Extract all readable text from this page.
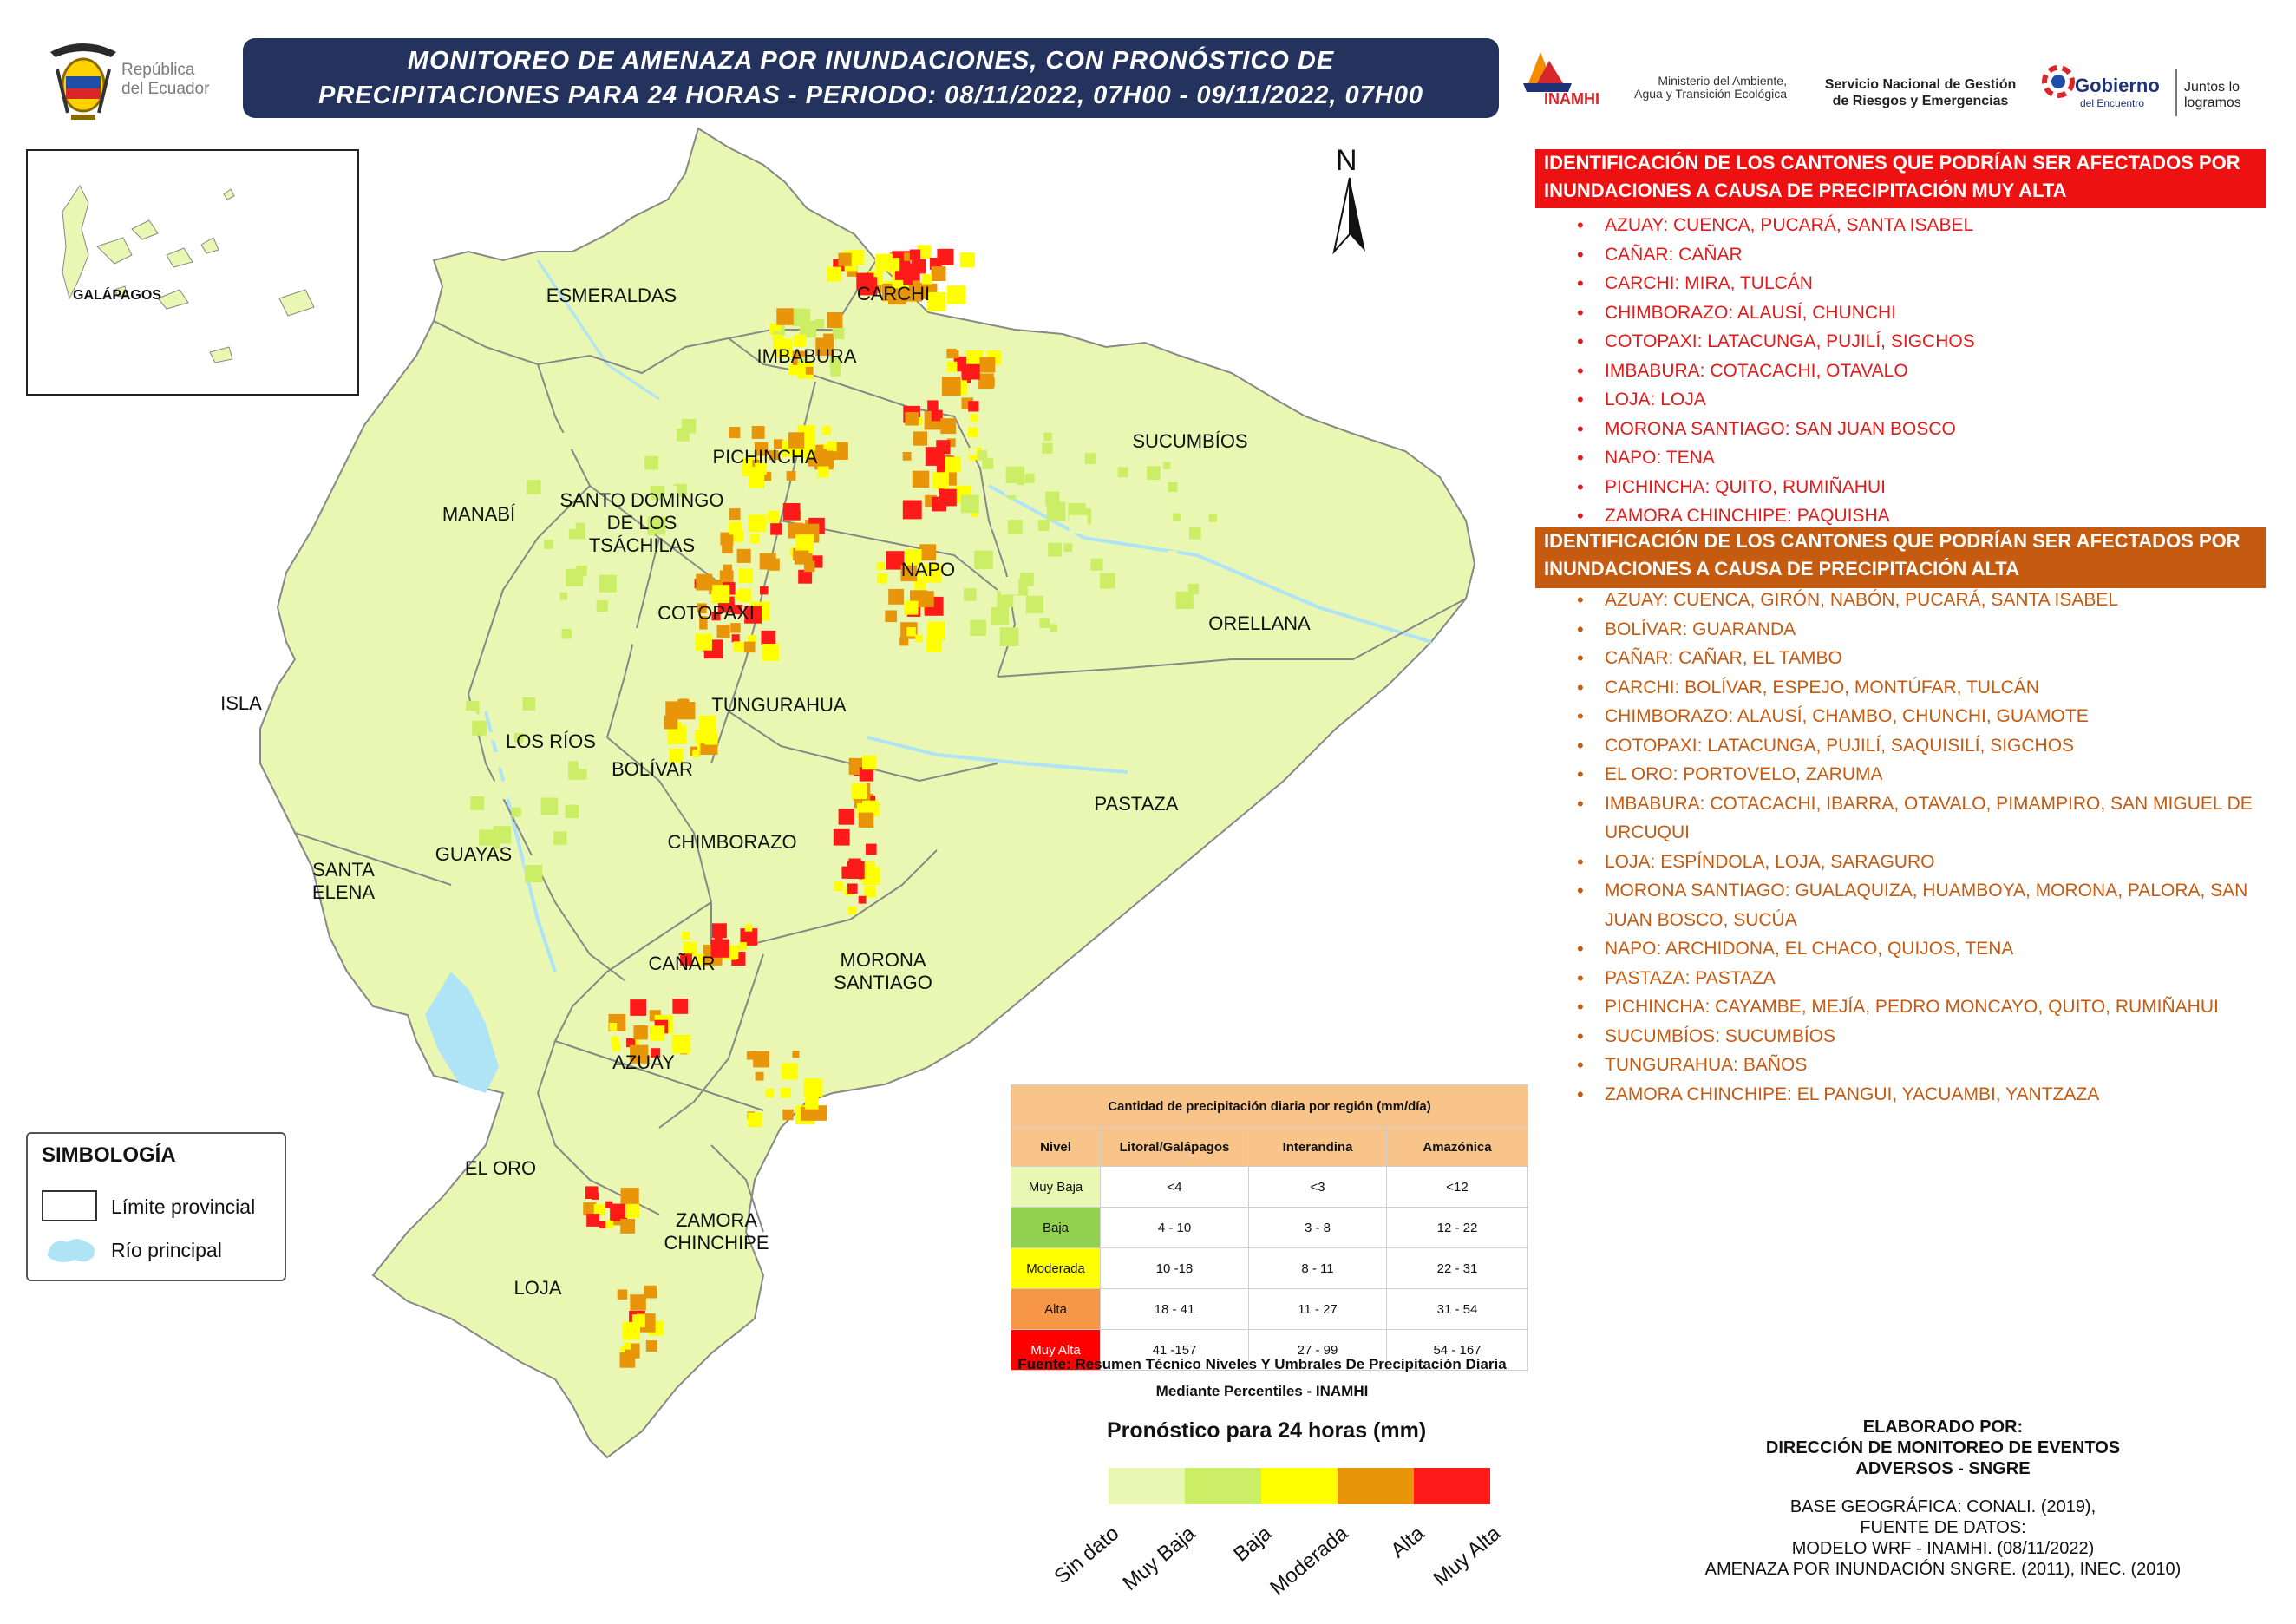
República
del Ecuador
MONITOREO DE AMENAZA POR INUNDACIONES, CON PRONÓSTICO DE
PRECIPITACIONES PARA 24 HORAS - PERIODO: 08/11/2022, 07H00 - 09/11/2022, 07H00	INAMHI
Ministerio del Ambiente, Agua y Transición Ecológica
Servicio Nacional de Gestión de Riesgos y Emergencias
Gobierno
del Encuentro
Juntos lo logramos
ESMERALDAS	CARCHI
IMBABURA
SUCUMBÍOS
PICHINCHA
MANABÍ
SANTO DOMINGO
DE LOS
TSÁCHILAS
NAPO
COTOPAXI	ORELLANA
ISLA	TUNGURAHUA
LOS RÍOS
BOLÍVAR
PASTAZA
CHIMBORAZO
SANTA
ELENA
GUAYAS
CAÑAR	MORONA
SANTIAGO
AZUAY
EL ORO
ZAMORA
CHINCHIPE
LOJA
N
GALÁPAGOS
SIMBOLOGÍA
Límite provincial
Río principal
IDENTIFICACIÓN DE LOS CANTONES QUE PODRÍAN SER AFECTADOS POR INUNDACIONES A CAUSA DE PRECIPITACIÓN MUY ALTA
• AZUAY: CUENCA, PUCARÁ, SANTA ISABEL
• CAÑAR: CAÑAR
• CARCHI: MIRA, TULCÁN
• CHIMBORAZO: ALAUSÍ, CHUNCHI
• COTOPAXI: LATACUNGA, PUJILÍ, SIGCHOS
• IMBABURA: COTACACHI, OTAVALO
• LOJA: LOJA
• MORONA SANTIAGO: SAN JUAN BOSCO
• NAPO: TENA
• PICHINCHA: QUITO, RUMIÑAHUI
• ZAMORA CHINCHIPE: PAQUISHA
IDENTIFICACIÓN DE LOS CANTONES QUE PODRÍAN SER AFECTADOS POR INUNDACIONES A CAUSA DE PRECIPITACIÓN ALTA
• AZUAY: CUENCA, GIRÓN, NABÓN, PUCARÁ, SANTA ISABEL
• BOLÍVAR: GUARANDA
• CAÑAR: CAÑAR, EL TAMBO
• CARCHI: BOLÍVAR, ESPEJO, MONTÚFAR, TULCÁN
• CHIMBORAZO: ALAUSÍ, CHAMBO, CHUNCHI, GUAMOTE
• COTOPAXI: LATACUNGA, PUJILÍ, SAQUISILÍ, SIGCHOS
• EL ORO: PORTOVELO, ZARUMA
• IMBABURA: COTACACHI, IBARRA, OTAVALO, PIMAMPIRO, SAN MIGUEL DE URCUQUI
• LOJA: ESPÍNDOLA, LOJA, SARAGURO
• MORONA SANTIAGO: GUALAQUIZA, HUAMBOYA, MORONA, PALORA, SAN JUAN BOSCO, SUCÚA
• NAPO: ARCHIDONA, EL CHACO, QUIJOS, TENA
• PASTAZA: PASTAZA
• PICHINCHA: CAYAMBE, MEJÍA, PEDRO MONCAYO, QUITO, RUMIÑAHUI
• SUCUMBÍOS: SUCUMBÍOS
• TUNGURAHUA: BAÑOS
• ZAMORA CHINCHIPE: EL PANGUI, YACUAMBI, YANTZAZA
Cantidad de precipitación diaria por región (mm/día)			
Nivel	Litoral/Galápagos	Interandina	Amazónica
Muy Baja	<4	<3	<12
Baja	4 - 10	3 - 8	12 - 22
Moderada	10 -18	8 - 11	22 - 31
Alta	18 - 41	11 - 27	31 - 54
Muy Alta	41 -157	27 - 99	54 - 167
Fuente: Resumen Técnico Niveles Y Umbrales De Precipitación Diaria Mediante Percentiles - INAMHI
Pronóstico para 24 horas (mm)
Sin dato
Muy Baja	Baja
Moderada	Alta Muy Alta
ELABORADO POR:
DIRECCIÓN DE MONITOREO DE EVENTOS
ADVERSOS - SNGRE
BASE GEOGRÁFICA: CONALI. (2019),
FUENTE DE DATOS:
MODELO WRF - INAMHI. (08/11/2022)
AMENAZA POR INUNDACIÓN SNGRE. (2011), INEC. (2010)
